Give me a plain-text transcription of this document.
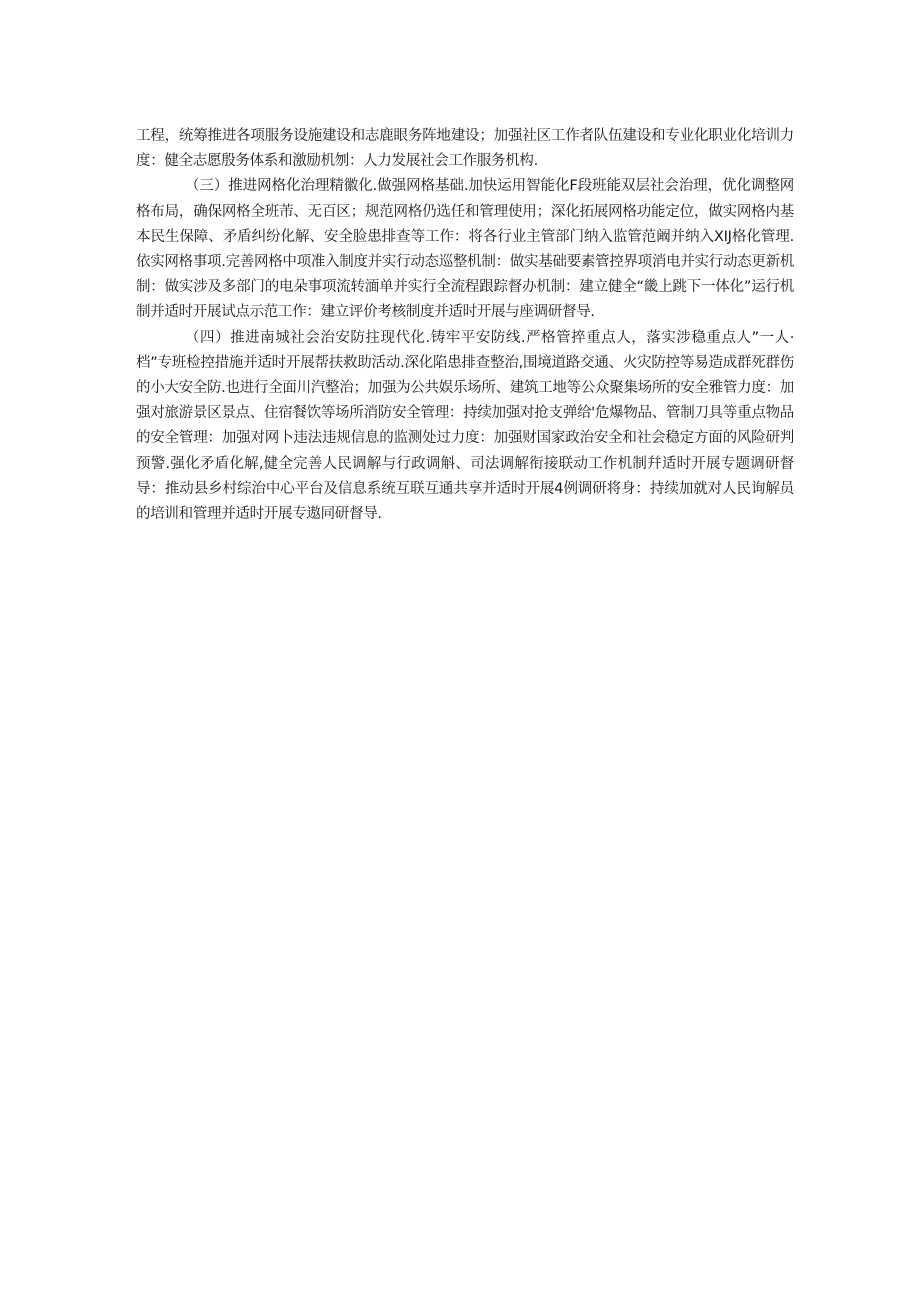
工程，统筹推进各项服务设施建设和志鹿眼务阵地建设；加强社区工作者队伍建设和专业化职业化培训力度：健全志愿殷务体系和激励机刎：人力发展社会工作服务机构.

（三）推进网格化治理精徽化.做强网格基础.加快运用智能化F段班能双层社会治理，优化调整网格布局，确保网格全班芾、无百区；规范网格仍选任和管理使用；深化拓展网格功能定位，做实网格内基本民生保障、矛盾纠纷化解、安全脸患排查等工作：将各行业主管部门纳入监管范阚并纳入XIJ格化管理.依实网格事项.完善网格中项准入制度并实行动态巡整机制：做实基础要素管控界项消电并实行动态更新机制：做实涉及多部门的电朵事项流转湎单并实行全流程跟踪督办机制：建立健全“畿上跳下一体化”运行机制并适时开展试点示范工作：建立评价考核制度并适时开展与座调研督导.

（四）推进南城社会治安防拄现代化.铸牢平安防线.严格管捽重点人，落实涉稳重点人”一人·档”专班检控措施并适时开展帮扶救助活动.深化陷患排查整治,围境道路交通、火灾防控等易造成群死群伤的小大安全防.也进行全面川汽整治；加强为公共娱乐场所、建筑工地等公众聚集场所的安全雅管力度：加强对旅游景区景点、住宿餐饮等场所消防安全管理：持续加强对抢支弹给'危爆物品、管制刀具等重点物品的安全管理：加强对网卜违法违规信息的监测处过力度：加强财国家政治安全和社会稳定方面的风险研判预警.强化矛盾化解,健全完善人民调解与行政调斛、司法调解衔接联动工作机制幷适时开展专题调研督导：推动县乡村综治中心平台及信息系统互联互通共享并适时开展4例调研将身：持续加就对人民询解员的培训和管理并适时开展专遨同研督导.
